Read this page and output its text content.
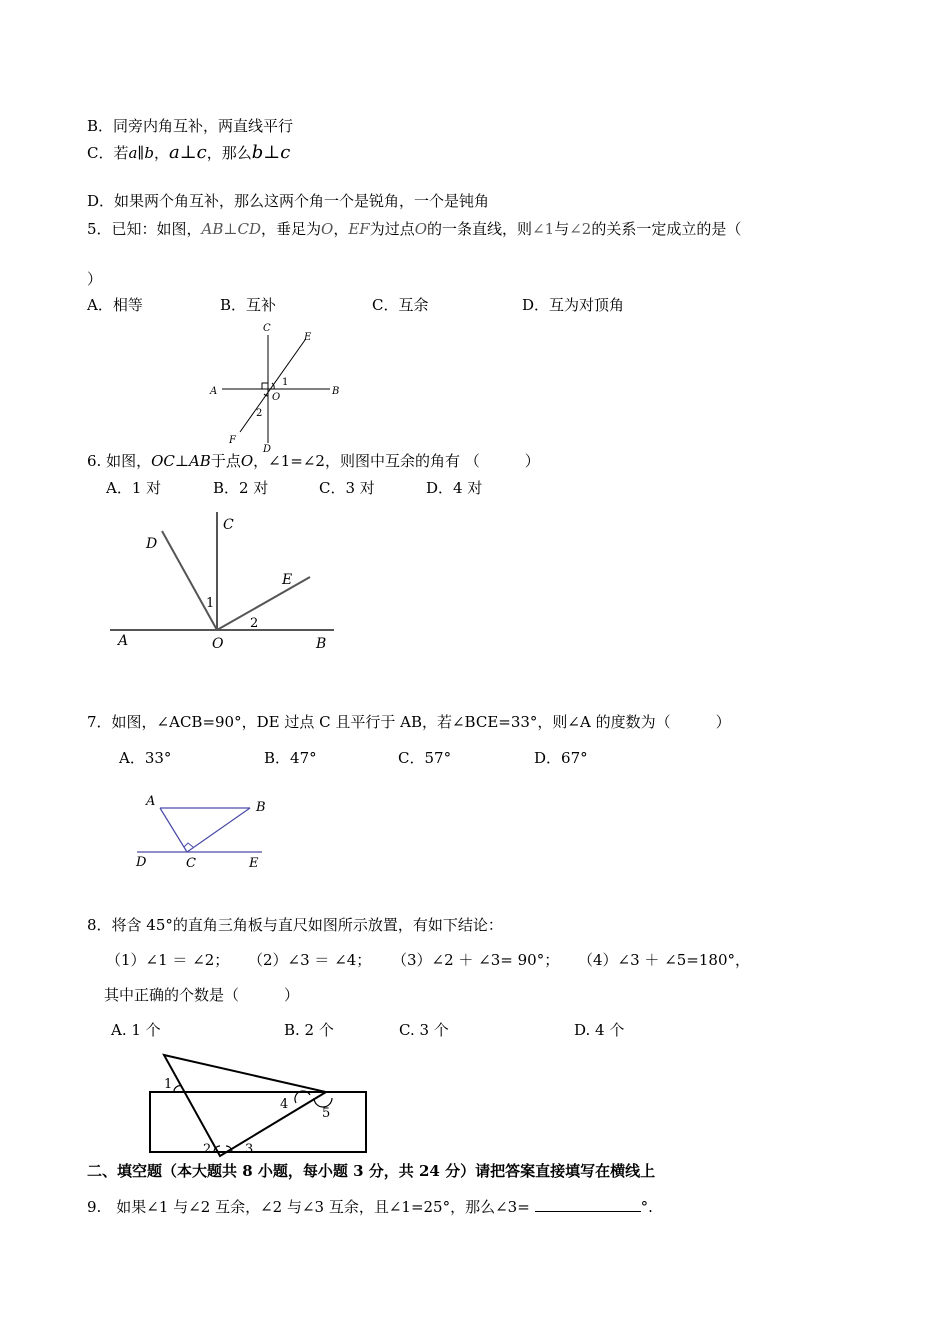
B．同旁内角互补，两直线平行
C．若a∥b，a⊥c，那么b⊥c
D．如果两个角互补，那么这两个角一个是锐角，一个是钝角
5．已知：如图，AB⊥CD，垂足为O，EF为过点O的一条直线，则∠1与∠2的关系一定成立的是（
）
A．相等	B．互补	C．互余	D．互为对顶角
C
E
A	B
O
1
2
F
D
6. 如图，OC⊥AB于点O，∠1=∠2，则图中互余的角有 （　　　）
A．1 对	B．2 对	C．3 对	D．4 对
C
D
E
1
2
A	O	B
7．如图，∠ACB=90°，DE 过点 C 且平行于 AB，若∠BCE=33°，则∠A 的度数为（　　　）
A．33°	B．47°	C．57°	D．67°
A	B
D	C	E
8．将含 45°的直角三角板与直尺如图所示放置，有如下结论：
（1）∠1 ＝ ∠2； （2）∠3 ＝ ∠4； （3）∠2 ＋ ∠3= 90°； （4）∠3 ＋ ∠5=180°，
其中正确的个数是（　　　）
A. 1 个	B. 2 个	C. 3 个	D. 4 个
1
2	3
4
5
二、填空题（本大题共 8 小题，每小题 3 分，共 24 分）请把答案直接填写在横线上
9.　如果∠1 与∠2 互余，∠2 与∠3 互余，且∠1=25°，那么∠3=	°.
